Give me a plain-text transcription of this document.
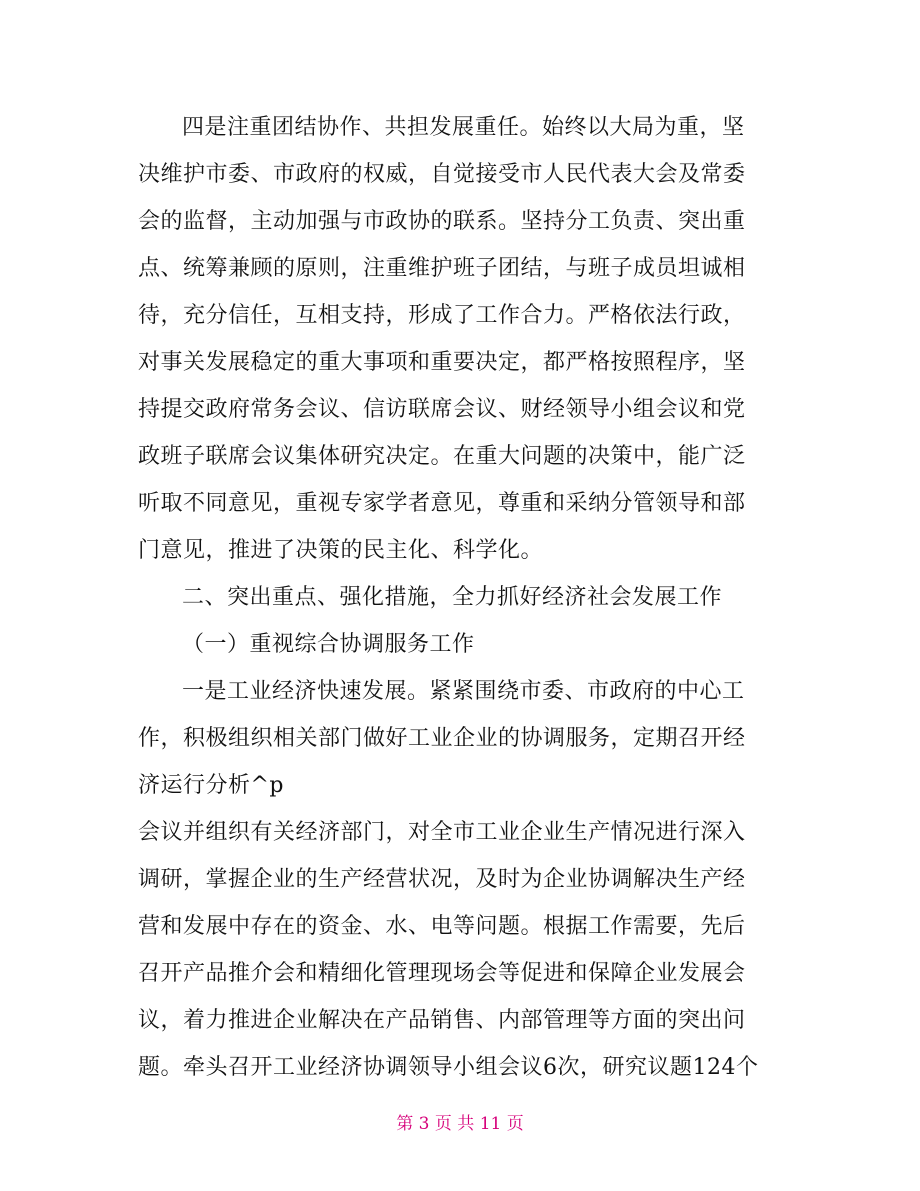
四是注重团结协作、共担发展重任。始终以大局为重，坚
决维护市委、市政府的权威，自觉接受市人民代表大会及常委
会的监督，主动加强与市政协的联系。坚持分工负责、突出重
点、统筹兼顾的原则，注重维护班子团结，与班子成员坦诚相
待，充分信任，互相支持，形成了工作合力。严格依法行政，
对事关发展稳定的重大事项和重要决定，都严格按照程序，坚
持提交政府常务会议、信访联席会议、财经领导小组会议和党
政班子联席会议集体研究决定。在重大问题的决策中，能广泛
听取不同意见，重视专家学者意见，尊重和采纳分管领导和部
门意见，推进了决策的民主化、科学化。
二、突出重点、强化措施，全力抓好经济社会发展工作
（一）重视综合协调服务工作
一是工业经济快速发展。紧紧围绕市委、市政府的中心工
作，积极组织相关部门做好工业企业的协调服务，定期召开经
济运行分析^p
会议并组织有关经济部门，对全市工业企业生产情况进行深入
调研，掌握企业的生产经营状况，及时为企业协调解决生产经
营和发展中存在的资金、水、电等问题。根据工作需要，先后
召开产品推介会和精细化管理现场会等促进和保障企业发展会
议，着力推进企业解决在产品销售、内部管理等方面的突出问
题。牵头召开工业经济协调领导小组会议6次，研究议题124个
第 3 页 共 11 页
